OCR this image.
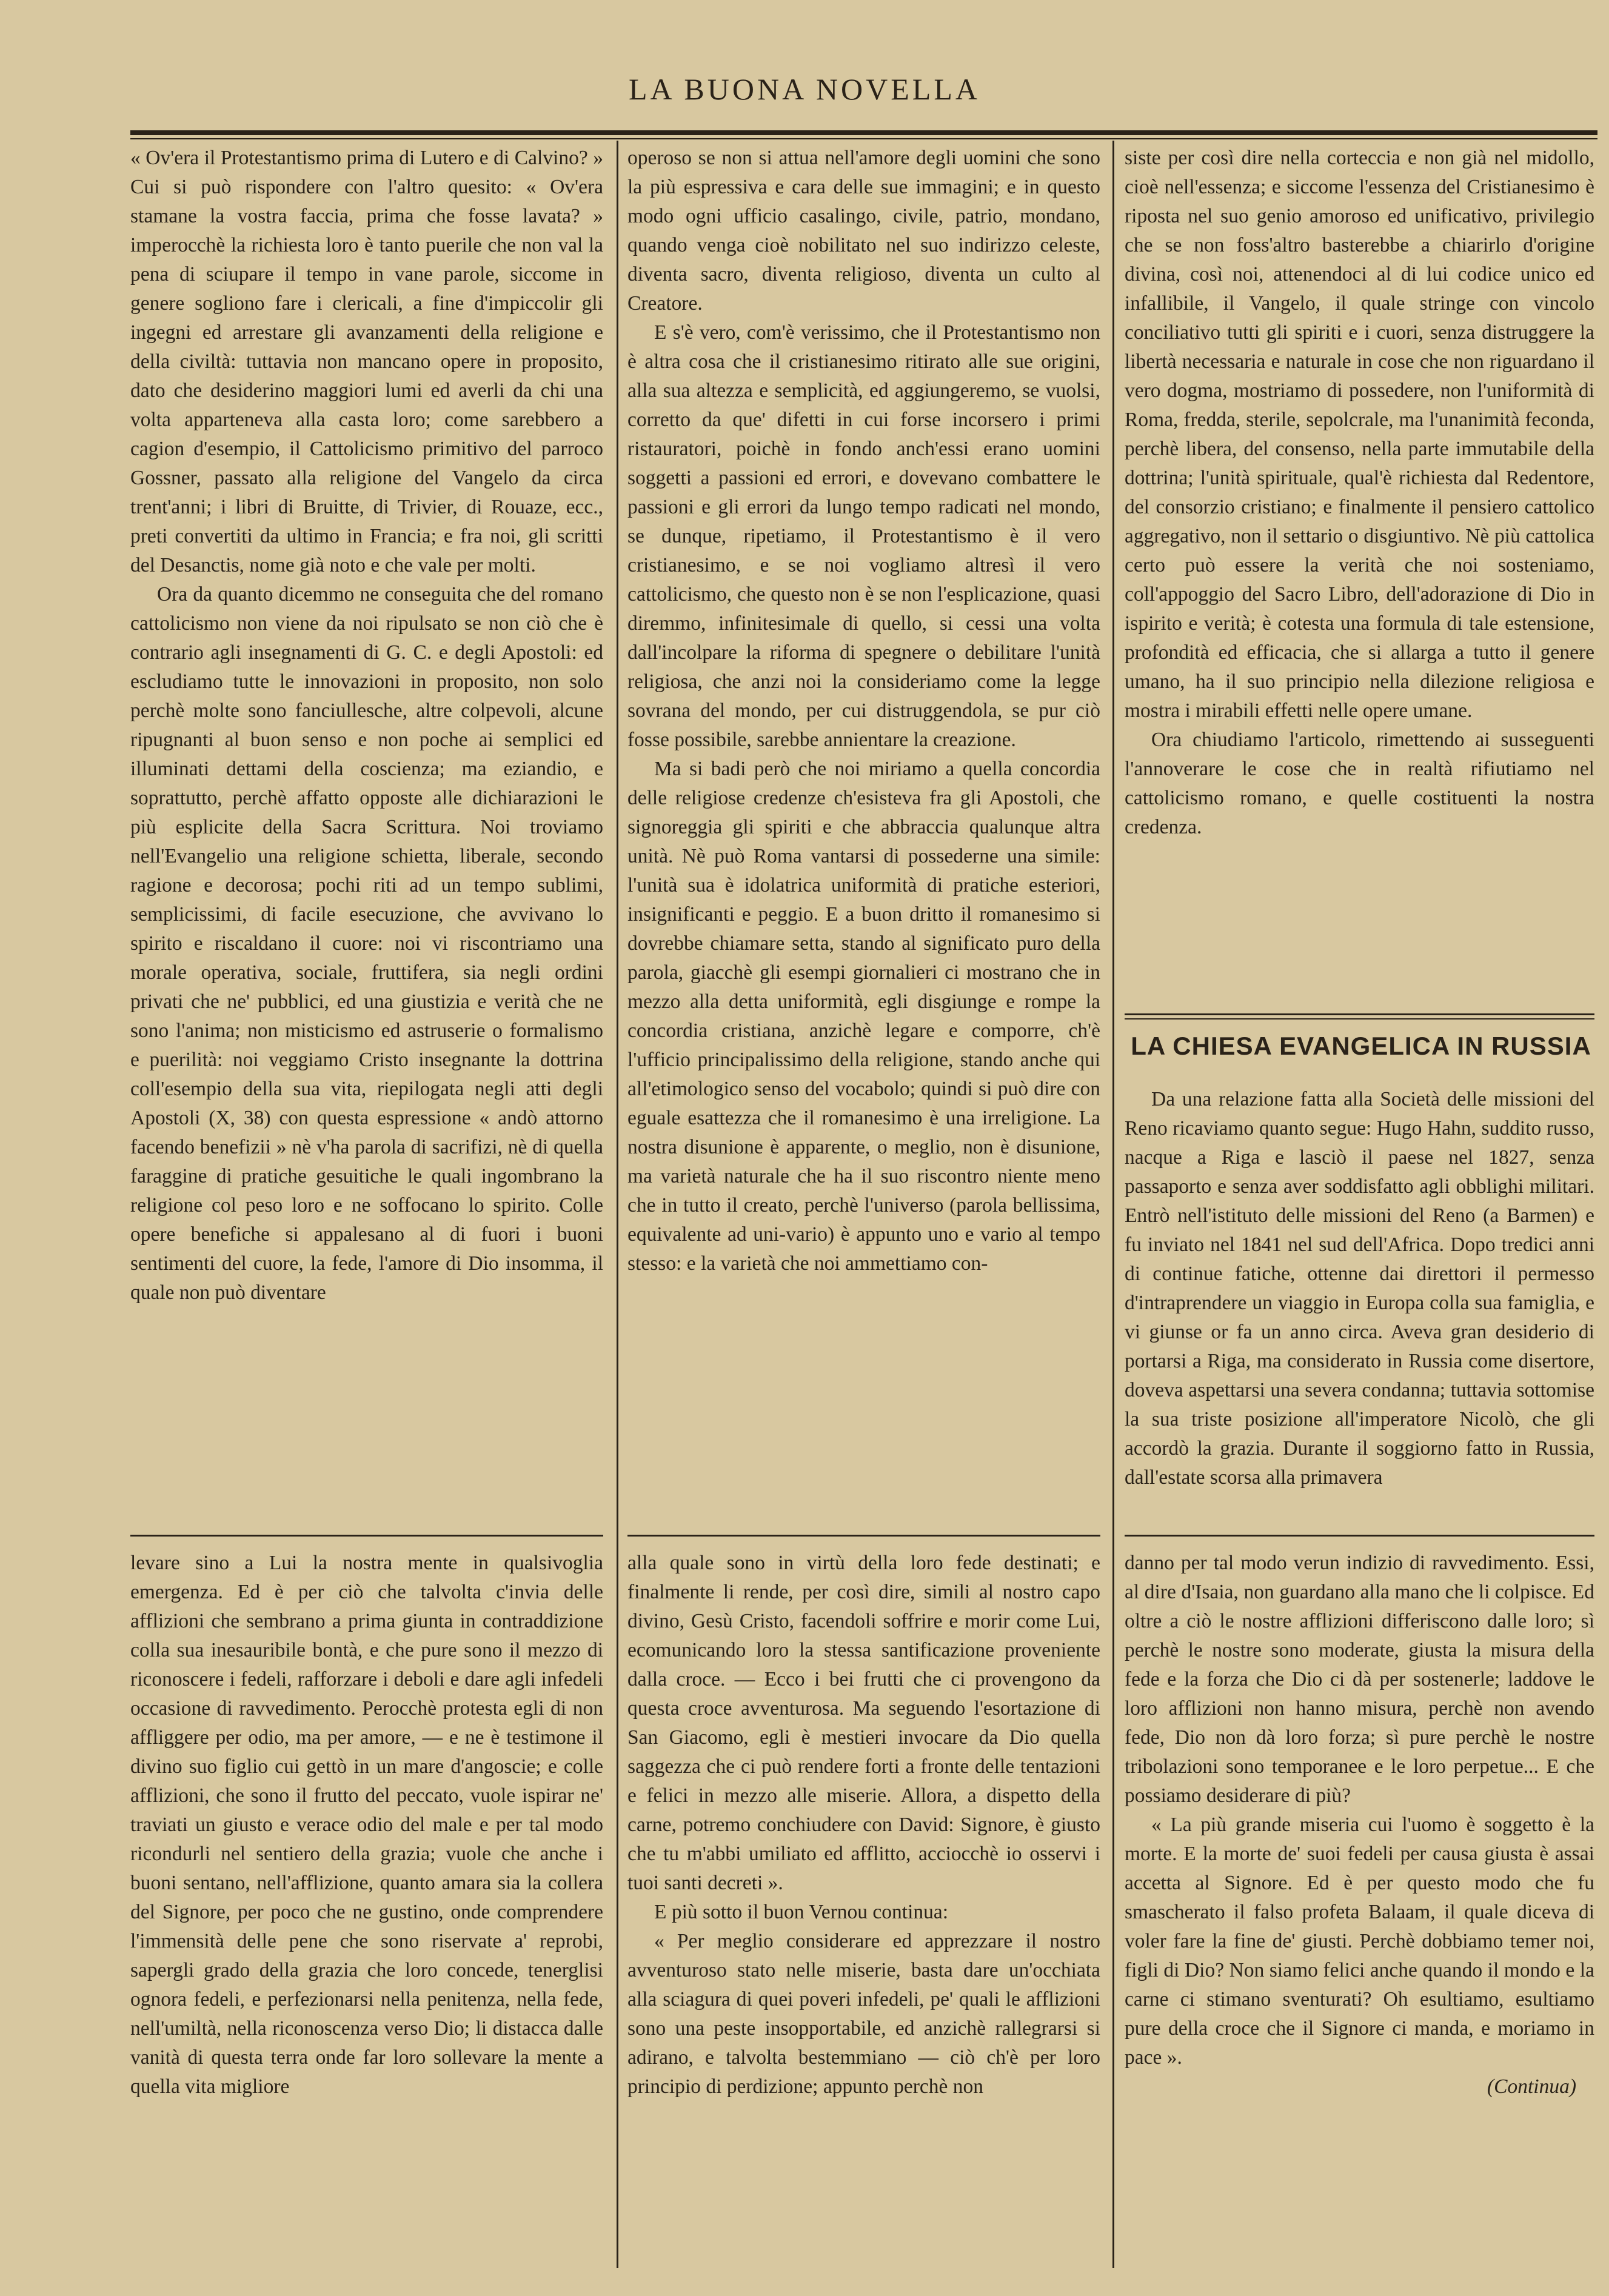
LA BUONA NOVELLA

« Ov'era il Protestantismo prima di Lutero e di Calvino? » Cui si può rispondere con l'altro quesito: « Ov'era stamane la vostra faccia, prima che fosse lavata? » imperocchè la richiesta loro è tanto puerile che non val la pena di sciupare il tempo in vane parole, siccome in genere sogliono fare i clericali, a fine d'impiccolir gli ingegni ed arrestare gli avanzamenti della religione e della civiltà: tuttavia non mancano opere in proposito, dato che desiderino maggiori lumi ed averli da chi una volta apparteneva alla casta loro; come sarebbero a cagion d'esempio, il Cattolicismo primitivo del parroco Gossner, passato alla religione del Vangelo da circa trent'anni; i libri di Bruitte, di Trivier, di Rouaze, ecc., preti convertiti da ultimo in Francia; e fra noi, gli scritti del Desanctis, nome già noto e che vale per molti.

Ora da quanto dicemmo ne conseguita che del romano cattolicismo non viene da noi ripulsato se non ciò che è contrario agli insegnamenti di G. C. e degli Apostoli: ed escludiamo tutte le innovazioni in proposito, non solo perchè molte sono fanciullesche, altre colpevoli, alcune ripugnanti al buon senso e non poche ai semplici ed illuminati dettami della coscienza; ma eziandio, e soprattutto, perchè affatto opposte alle dichiarazioni le più esplicite della Sacra Scrittura. Noi troviamo nell'Evangelio una religione schietta, liberale, secondo ragione e decorosa; pochi riti ad un tempo sublimi, semplicissimi, di facile esecuzione, che avvivano lo spirito e riscaldano il cuore: noi vi riscontriamo una morale operativa, sociale, fruttifera, sia negli ordini privati che ne' pubblici, ed una giustizia e verità che ne sono l'anima; non misticismo ed astruserie o formalismo e puerilità: noi veggiamo Cristo insegnante la dottrina coll'esempio della sua vita, riepilogata negli atti degli Apostoli (X, 38) con questa espressione « andò attorno facendo benefizii » nè v'ha parola di sacrifizi, nè di quella faraggine di pratiche gesuitiche le quali ingombrano la religione col peso loro e ne soffocano lo spirito. Colle opere benefiche si appalesano al di fuori i buoni sentimenti del cuore, la fede, l'amore di Dio insomma, il quale non può diventare

operoso se non si attua nell'amore degli uomini che sono la più espressiva e cara delle sue immagini; e in questo modo ogni ufficio casalingo, civile, patrio, mondano, quando venga cioè nobilitato nel suo indirizzo celeste, diventa sacro, diventa religioso, diventa un culto al Creatore.

E s'è vero, com'è verissimo, che il Protestantismo non è altra cosa che il cristianesimo ritirato alle sue origini, alla sua altezza e semplicità, ed aggiungeremo, se vuolsi, corretto da que' difetti in cui forse incorsero i primi ristauratori, poichè in fondo anch'essi erano uomini soggetti a passioni ed errori, e dovevano combattere le passioni e gli errori da lungo tempo radicati nel mondo, se dunque, ripetiamo, il Protestantismo è il vero cristianesimo, e se noi vogliamo altresì il vero cattolicismo, che questo non è se non l'esplicazione, quasi diremmo, infinitesimale di quello, si cessi una volta dall'incolpare la riforma di spegnere o debilitare l'unità religiosa, che anzi noi la consideriamo come la legge sovrana del mondo, per cui distruggendola, se pur ciò fosse possibile, sarebbe annientare la creazione.

Ma si badi però che noi miriamo a quella concordia delle religiose credenze ch'esisteva fra gli Apostoli, che signoreggia gli spiriti e che abbraccia qualunque altra unità. Nè può Roma vantarsi di possederne una simile: l'unità sua è idolatrica uniformità di pratiche esteriori, insignificanti e peggio. E a buon dritto il romanesimo si dovrebbe chiamare setta, stando al significato puro della parola, giacchè gli esempi giornalieri ci mostrano che in mezzo alla detta uniformità, egli disgiunge e rompe la concordia cristiana, anzichè legare e comporre, ch'è l'ufficio principalissimo della religione, stando anche qui all'etimologico senso del vocabolo; quindi si può dire con eguale esattezza che il romanesimo è una irreligione. La nostra disunione è apparente, o meglio, non è disunione, ma varietà naturale che ha il suo riscontro niente meno che in tutto il creato, perchè l'universo (parola bellissima, equivalente ad uni-vario) è appunto uno e vario al tempo stesso: e la varietà che noi ammettiamo con-

siste per così dire nella corteccia e non già nel midollo, cioè nell'essenza; e siccome l'essenza del Cristianesimo è riposta nel suo genio amoroso ed unificativo, privilegio che se non foss'altro basterebbe a chiarirlo d'origine divina, così noi, attenendoci al di lui codice unico ed infallibile, il Vangelo, il quale stringe con vincolo conciliativo tutti gli spiriti e i cuori, senza distruggere la libertà necessaria e naturale in cose che non riguardano il vero dogma, mostriamo di possedere, non l'uniformità di Roma, fredda, sterile, sepolcrale, ma l'unanimità feconda, perchè libera, del consenso, nella parte immutabile della dottrina; l'unità spirituale, qual'è richiesta dal Redentore, del consorzio cristiano; e finalmente il pensiero cattolico aggregativo, non il settario o disgiuntivo. Nè più cattolica certo può essere la verità che noi sosteniamo, coll'appoggio del Sacro Libro, dell'adorazione di Dio in ispirito e verità; è cotesta una formula di tale estensione, profondità ed efficacia, che si allarga a tutto il genere umano, ha il suo principio nella dilezione religiosa e mostra i mirabili effetti nelle opere umane.

Ora chiudiamo l'articolo, rimettendo ai susseguenti l'annoverare le cose che in realtà rifiutiamo nel cattolicismo romano, e quelle costituenti la nostra credenza.

LA CHIESA EVANGELICA IN RUSSIA

Da una relazione fatta alla Società delle missioni del Reno ricaviamo quanto segue: Hugo Hahn, suddito russo, nacque a Riga e lasciò il paese nel 1827, senza passaporto e senza aver soddisfatto agli obblighi militari. Entrò nell'istituto delle missioni del Reno (a Barmen) e fu inviato nel 1841 nel sud dell'Africa. Dopo tredici anni di continue fatiche, ottenne dai direttori il permesso d'intraprendere un viaggio in Europa colla sua famiglia, e vi giunse or fa un anno circa. Aveva gran desiderio di portarsi a Riga, ma considerato in Russia come disertore, doveva aspettarsi una severa condanna; tuttavia sottomise la sua triste posizione all'imperatore Nicolò, che gli accordò la grazia. Durante il soggiorno fatto in Russia, dall'estate scorsa alla primavera

levare sino a Lui la nostra mente in qualsivoglia emergenza. Ed è per ciò che talvolta c'invia delle afflizioni che sembrano a prima giunta in contraddizione colla sua inesauribile bontà, e che pure sono il mezzo di riconoscere i fedeli, rafforzare i deboli e dare agli infedeli occasione di ravvedimento. Perocchè protesta egli di non affliggere per odio, ma per amore, — e ne è testimone il divino suo figlio cui gettò in un mare d'angoscie; e colle afflizioni, che sono il frutto del peccato, vuole ispirar ne' traviati un giusto e verace odio del male e per tal modo ricondurli nel sentiero della grazia; vuole che anche i buoni sentano, nell'afflizione, quanto amara sia la collera del Signore, per poco che ne gustino, onde comprendere l'immensità delle pene che sono riservate a' reprobi, sapergli grado della grazia che loro concede, tenerglisi ognora fedeli, e perfezionarsi nella penitenza, nella fede, nell'umiltà, nella riconoscenza verso Dio; li distacca dalle vanità di questa terra onde far loro sollevare la mente a quella vita migliore

alla quale sono in virtù della loro fede destinati; e finalmente li rende, per così dire, simili al nostro capo divino, Gesù Cristo, facendoli soffrire e morir come Lui, ecomunicando loro la stessa santificazione proveniente dalla croce. — Ecco i bei frutti che ci provengono da questa croce avventurosa. Ma seguendo l'esortazione di San Giacomo, egli è mestieri invocare da Dio quella saggezza che ci può rendere forti a fronte delle tentazioni e felici in mezzo alle miserie. Allora, a dispetto della carne, potremo conchiudere con David: Signore, è giusto che tu m'abbi umiliato ed afflitto, acciocchè io osservi i tuoi santi decreti ».

E più sotto il buon Vernou continua:

« Per meglio considerare ed apprezzare il nostro avventuroso stato nelle miserie, basta dare un'occhiata alla sciagura di quei poveri infedeli, pe' quali le afflizioni sono una peste insopportabile, ed anzichè rallegrarsi si adirano, e talvolta bestemmiano — ciò ch'è per loro principio di perdizione; appunto perchè non

danno per tal modo verun indizio di ravvedimento. Essi, al dire d'Isaia, non guardano alla mano che li colpisce. Ed oltre a ciò le nostre afflizioni differiscono dalle loro; sì perchè le nostre sono moderate, giusta la misura della fede e la forza che Dio ci dà per sostenerle; laddove le loro afflizioni non hanno misura, perchè non avendo fede, Dio non dà loro forza; sì pure perchè le nostre tribolazioni sono temporanee e le loro perpetue... E che possiamo desiderare di più?

« La più grande miseria cui l'uomo è soggetto è la morte. E la morte de' suoi fedeli per causa giusta è assai accetta al Signore. Ed è per questo modo che fu smascherato il falso profeta Balaam, il quale diceva di voler fare la fine de' giusti. Perchè dobbiamo temer noi, figli di Dio? Non siamo felici anche quando il mondo e la carne ci stimano sventurati? Oh esultiamo, esultiamo pure della croce che il Signore ci manda, e moriamo in pace ».

(Continua)
